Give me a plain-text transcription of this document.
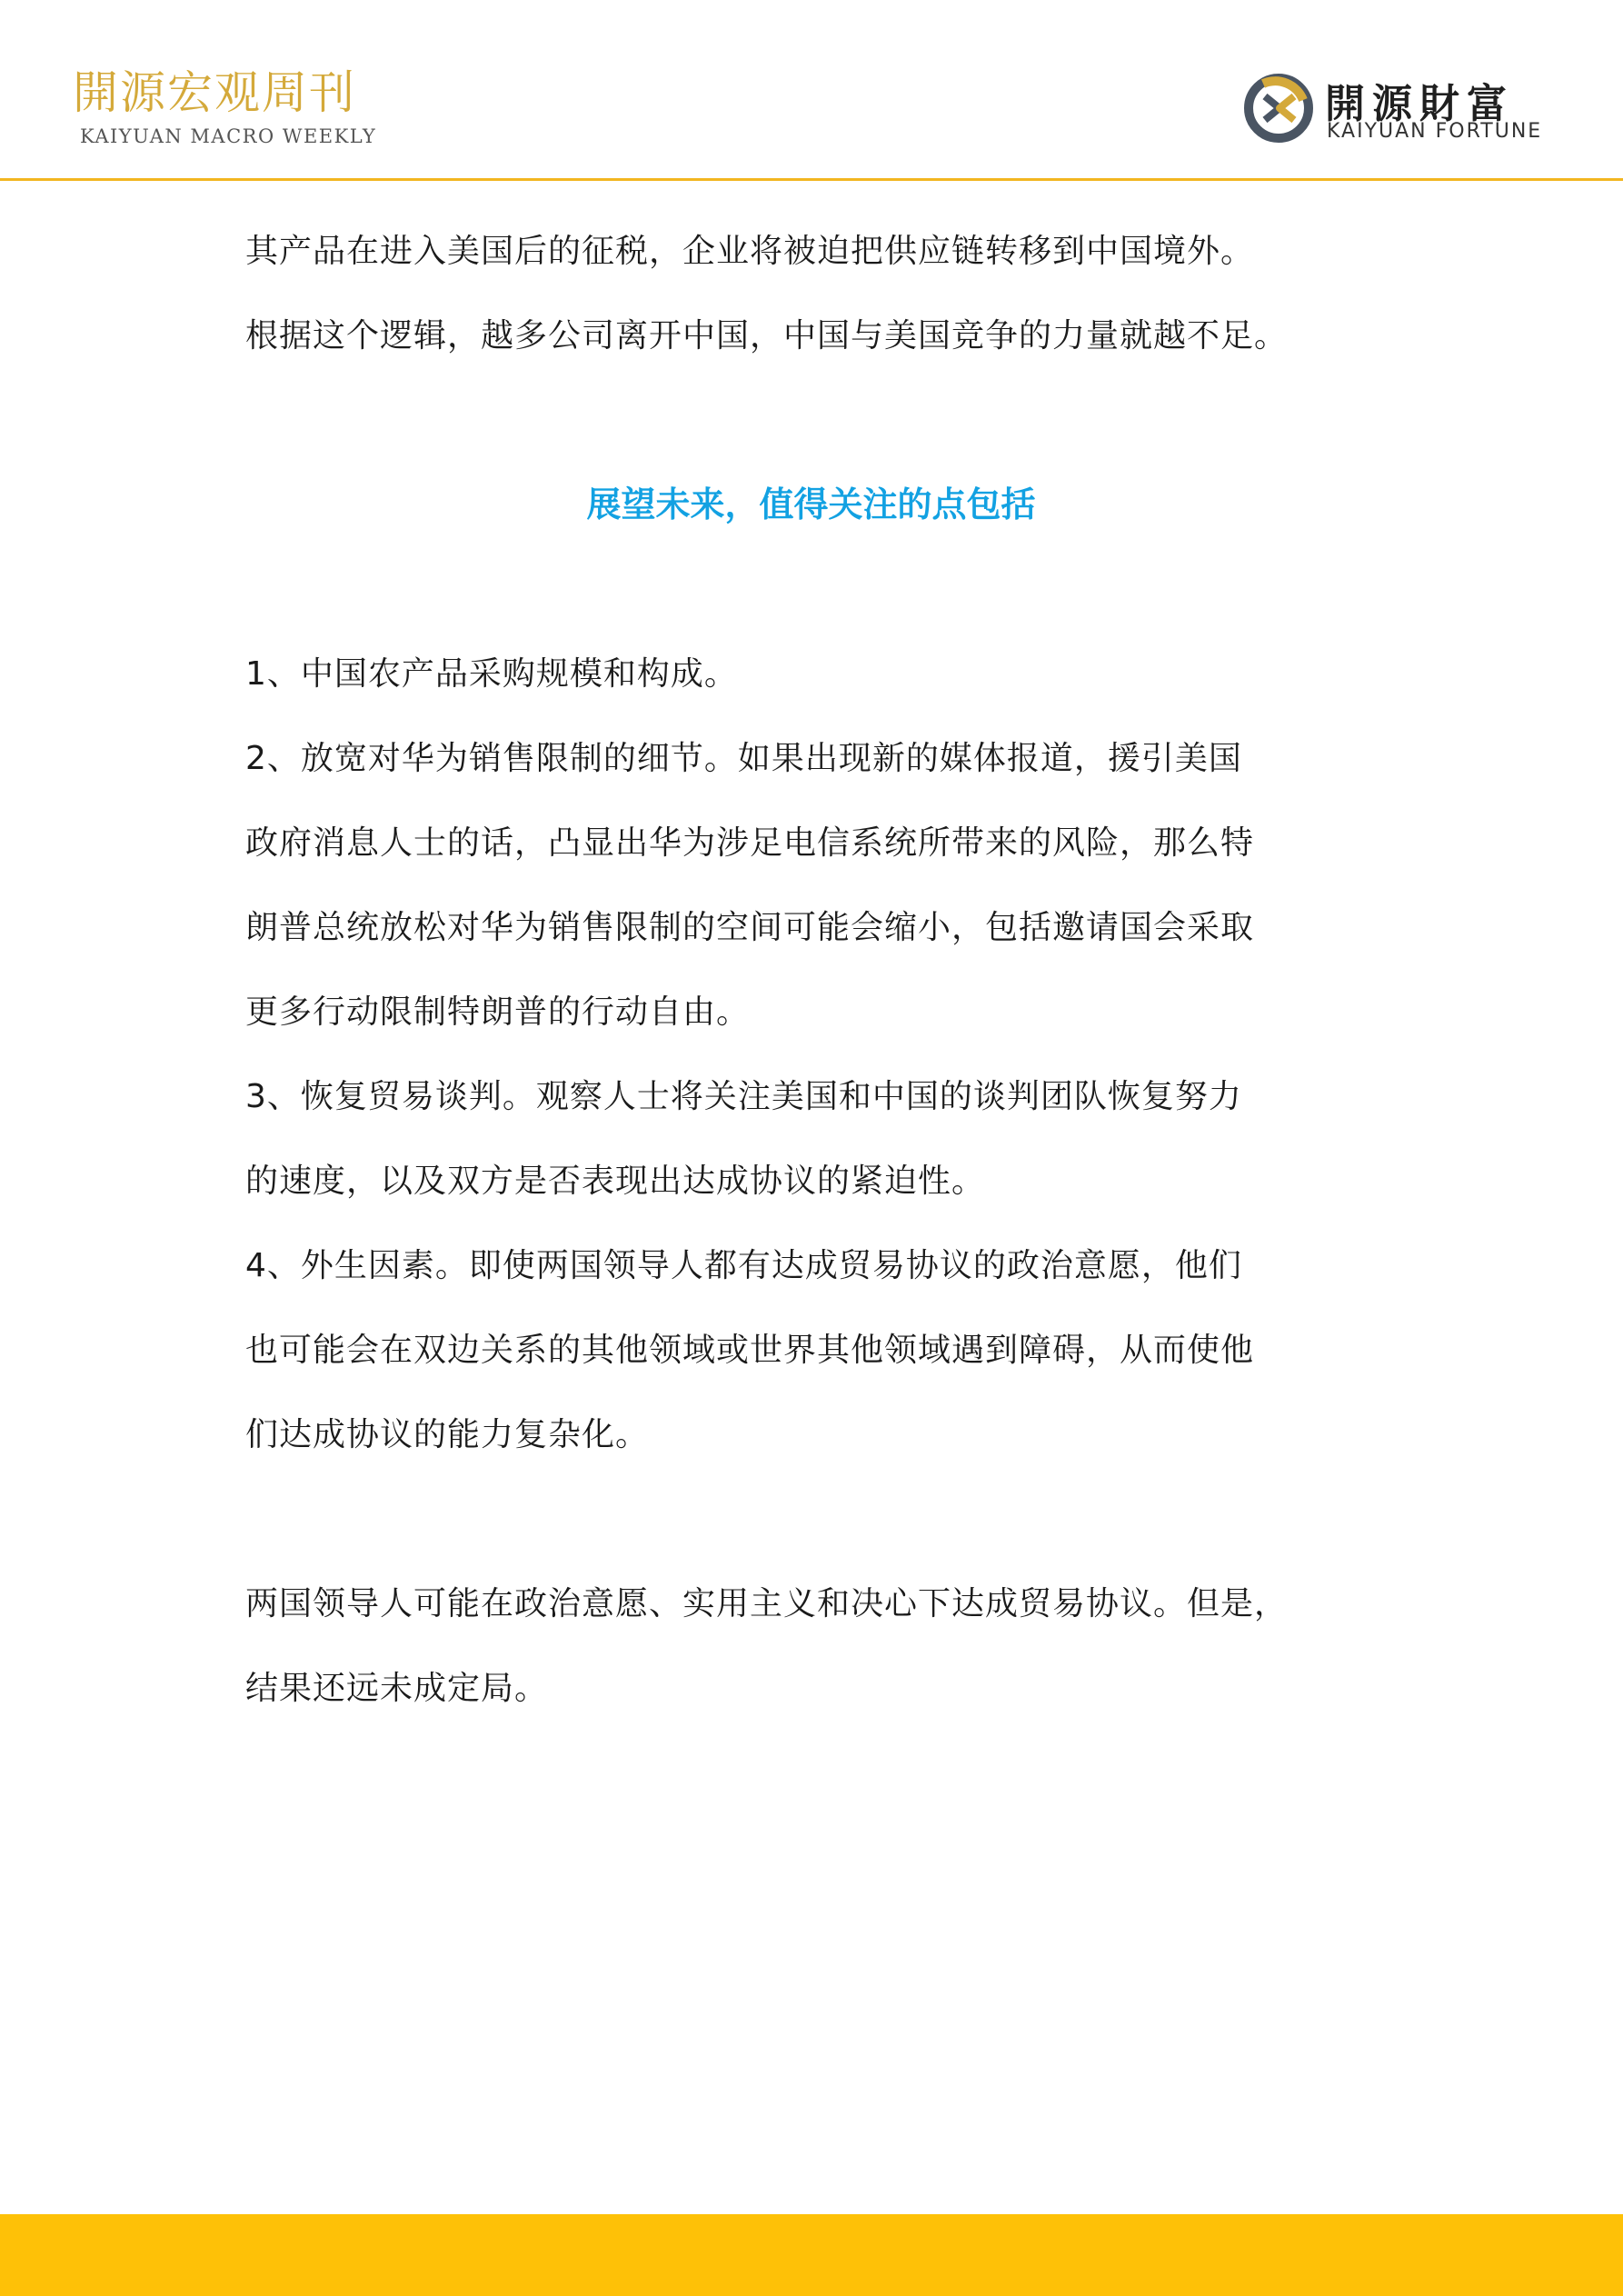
開源宏观周刊
KAIYUAN MACRO WEEKLY
開源財富
KAIYUAN FORTUNE

其产品在进入美国后的征税，企业将被迫把供应链转移到中国境外。

根据这个逻辑，越多公司离开中国，中国与美国竞争的力量就越不足。

展望未来，值得关注的点包括

1、中国农产品采购规模和构成。

2、放宽对华为销售限制的细节。如果出现新的媒体报道，援引美国

政府消息人士的话，凸显出华为涉足电信系统所带来的风险，那么特

朗普总统放松对华为销售限制的空间可能会缩小，包括邀请国会采取

更多行动限制特朗普的行动自由。

3、恢复贸易谈判。观察人士将关注美国和中国的谈判团队恢复努力

的速度，以及双方是否表现出达成协议的紧迫性。

4、外生因素。即使两国领导人都有达成贸易协议的政治意愿，他们

也可能会在双边关系的其他领域或世界其他领域遇到障碍，从而使他

们达成协议的能力复杂化。

两国领导人可能在政治意愿、实用主义和决心下达成贸易协议。但是，

结果还远未成定局。
